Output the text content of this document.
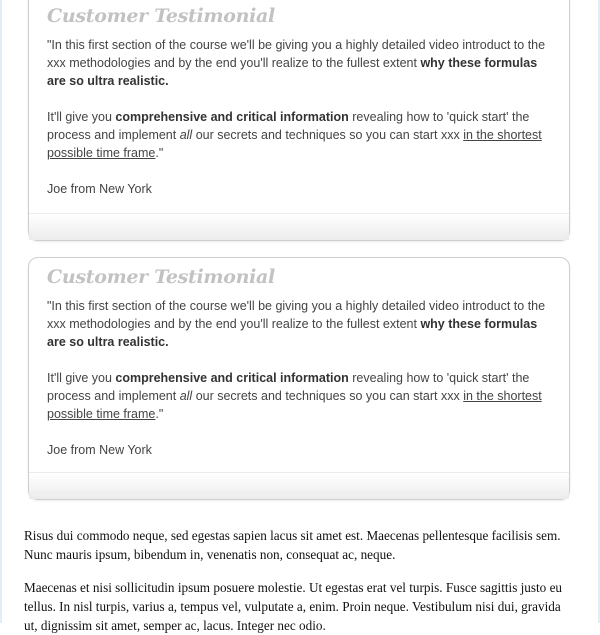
Customer Testimonial

"In this first section of the course we'll be giving you a highly detailed video introduct to the xxx methodologies and by the end you'll realize to the fullest extent why these formulas are so ultra realistic.

It'll give you comprehensive and critical information revealing how to 'quick start' the process and implement all our secrets and techniques so you can start xxx in the shortest possible time frame."

Joe from New York

Customer Testimonial

"In this first section of the course we'll be giving you a highly detailed video introduct to the xxx methodologies and by the end you'll realize to the fullest extent why these formulas are so ultra realistic.

It'll give you comprehensive and critical information revealing how to 'quick start' the process and implement all our secrets and techniques so you can start xxx in the shortest possible time frame."

Joe from New York

Risus dui commodo neque, sed egestas sapien lacus sit amet est. Maecenas pellentesque facilisis sem. Nunc mauris ipsum, bibendum in, venenatis non, consequat ac, neque.

Maecenas et nisi sollicitudin ipsum posuere molestie. Ut egestas erat vel turpis. Fusce sagittis justo eu tellus. In nisl turpis, varius a, tempus vel, vulputate a, enim. Proin neque. Vestibulum nisi dui, gravida ut, dignissim sit amet, semper ac, lacus. Integer nec odio.
